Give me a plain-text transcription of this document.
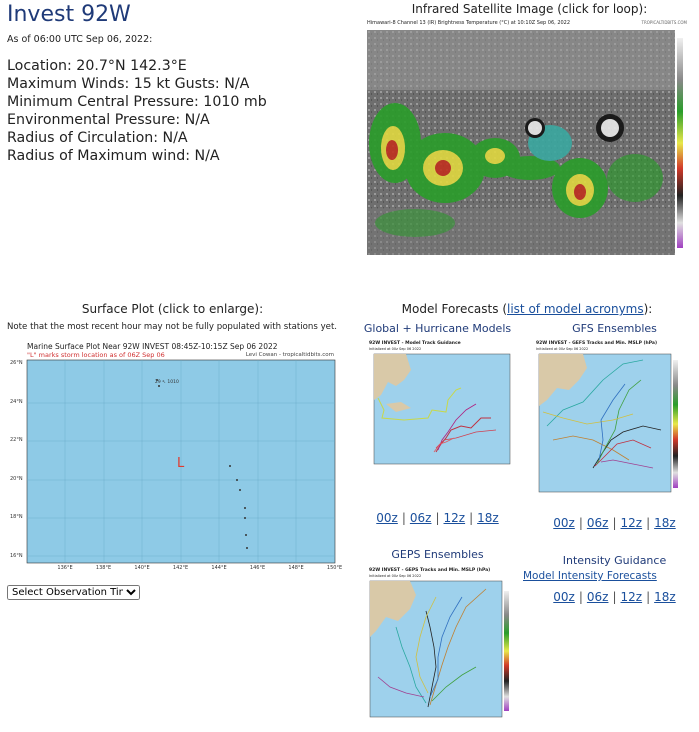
Invest 92W
As of 06:00 UTC Sep 06, 2022:
Location: 20.7°N 142.3°E
Maximum Winds: 15 kt Gusts: N/A
Minimum Central Pressure: 1010 mb
Environmental Pressure: N/A
Radius of Circulation: N/A
Radius of Maximum wind: N/A
Infrared Satellite Image (click for loop):
Himawari-8 Channel 13 (IR) Brightness Temperature (°C) at 10:10Z Sep 06, 2022	TROPICALTIDBITS.COM
Surface Plot (click to enlarge):
Note that the most recent hour may not be fully populated with stations yet.
Marine Surface Plot Near 92W INVEST 08:45Z-10:15Z Sep 06 2022
"L" marks storm location as of 06Z Sep 06	Levi Cowan - tropicaltidbits.com
29 ↖ 1010
L
136°E	138°E	140°E	142°E	144°E	146°E	148°E	150°E
26°N
24°N
22°N
20°N
18°N
16°N
Select Observation Time...
Model Forecasts (list of model acronyms):
Global + Hurricane Models
92W INVEST - Model Track Guidance
Initialized at 00z Sep 06 2022
00z | 06z | 12z | 18z
GFS Ensembles
92W INVEST - GEFS Tracks and Min. MSLP (hPa)
Initialized at 00z Sep 06 2022
00z | 06z | 12z | 18z
GEPS Ensembles
92W INVEST - GEPS Tracks and Min. MSLP (hPa)
Initialized at 00z Sep 06 2022
Intensity Guidance
Model Intensity Forecasts
00z | 06z | 12z | 18z
